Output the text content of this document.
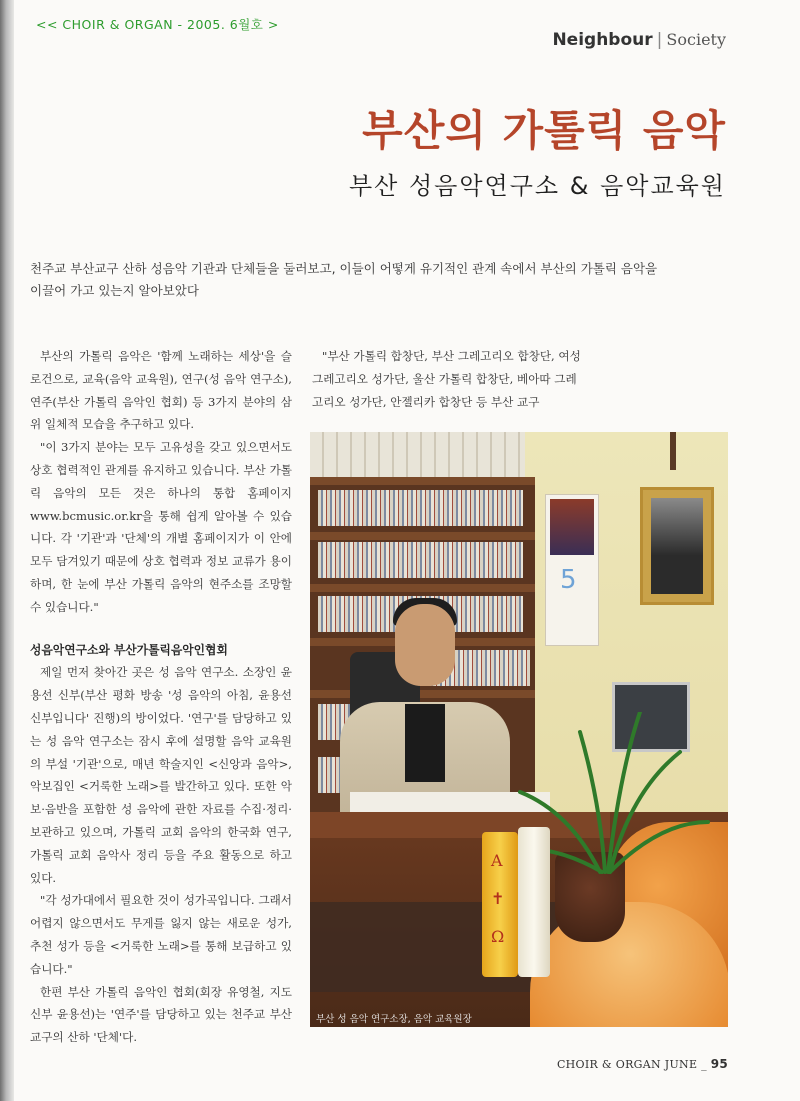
<< CHOIR & ORGAN - 2005. 6월호 >
Neighbour | Society
부산의 가톨릭 음악
부산 성음악연구소 & 음악교육원
천주교 부산교구 산하 성음악 기관과 단체들을 둘러보고, 이들이 어떻게 유기적인 관계 속에서 부산의 가톨릭 음악을 이끌어 가고 있는지 알아보았다

부산의 가톨릭 음악은 '함께 노래하는 세상'을 슬로건으로, 교육(음악 교육원), 연구(성 음악 연구소), 연주(부산 가톨릭 음악인 협회) 등 3가지 분야의 삼위 일체적 모습을 추구하고 있다.

"이 3가지 분야는 모두 고유성을 갖고 있으면서도 상호 협력적인 관계를 유지하고 있습니다. 부산 가톨릭 음악의 모든 것은 하나의 통합 홈페이지 www.bcmusic.or.kr을 통해 쉽게 알아볼 수 있습니다. 각 '기관'과 '단체'의 개별 홈페이지가 이 안에 모두 담겨있기 때문에 상호 협력과 정보 교류가 용이하며, 한 눈에 부산 가톨릭 음악의 현주소를 조망할 수 있습니다."

성음악연구소와 부산가톨릭음악인협회

제일 먼저 찾아간 곳은 성 음악 연구소. 소장인 윤용선 신부(부산 평화 방송 '성 음악의 아침, 윤용선 신부입니다' 진행)의 방이었다. '연구'를 담당하고 있는 성 음악 연구소는 잠시 후에 설명할 음악 교육원의 부설 '기관'으로, 매년 학술지인 <신앙과 음악>, 악보집인 <거룩한 노래>를 발간하고 있다. 또한 악보·음반을 포함한 성 음악에 관한 자료를 수집·정리·보관하고 있으며, 가톨릭 교회 음악의 한국화 연구, 가톨릭 교회 음악사 정리 등을 주요 활동으로 하고 있다.

"각 성가대에서 필요한 것이 성가곡입니다. 그래서 어렵지 않으면서도 무게를 잃지 않는 새로운 성가, 추천 성가 등을 <거룩한 노래>를 통해 보급하고 있습니다."

한편 부산 가톨릭 음악인 협회(회장 유영철, 지도신부 윤용선)는 '연주'를 담당하고 있는 천주교 부산 교구의 산하 '단체'다.

"부산 가톨릭 합창단, 부산 그레고리오 합창단, 여성 그레고리오 성가단, 울산 가톨릭 합창단, 베아따 그레고리오 성가단, 안젤리카 합창단 등 부산 교구

5
A
✝
Ω
부산 성 음악 연구소장, 음악 교육원장
CHOIR & ORGAN JUNE _ 95
